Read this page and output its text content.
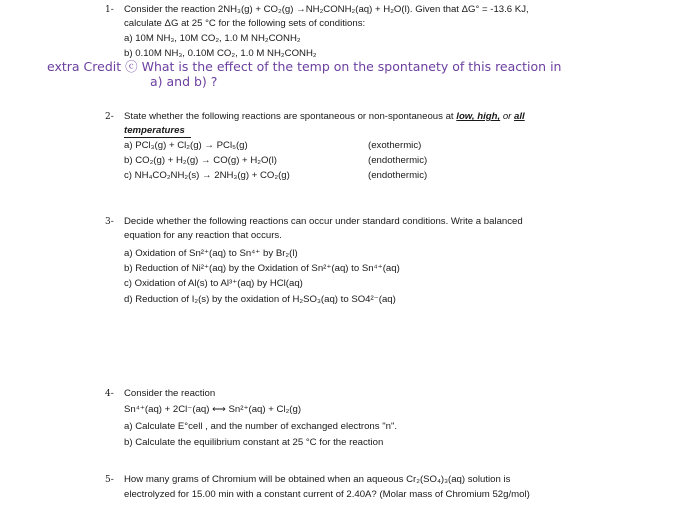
1- Consider the reaction 2NH₃(g) + CO₂(g) →NH₂CONH₂(aq) + H₂O(l). Given that ΔG° = -13.6 KJ,
calculate ΔG at 25 °C for the following sets of conditions:
a) 10M NH₃, 10M CO₂, 1.0 M NH₂CONH₂
b) 0.10M NH₃, 0.10M CO₂, 1.0 M NH₂CONH₂
extra Credit ⓒ What is the effect of the temp on the spontanety of this reaction in
a) and b) ?
2- State whether the following reactions are spontaneous or non-spontaneous at low, high, or all
temperatures
a) PCl₃(g) + Cl₂(g) → PCl₅(g)	(exothermic)
b) CO₂(g) + H₂(g) → CO(g) + H₂O(l)	(endothermic)
c) NH₄CO₂NH₂(s) → 2NH₃(g) + CO₂(g)	(endothermic)
3- Decide whether the following reactions can occur under standard conditions. Write a balanced
equation for any reaction that occurs.
a) Oxidation of Sn²⁺(aq) to Sn⁴⁺ by Br₂(l)
b) Reduction of Ni²⁺(aq) by the Oxidation of Sn²⁺(aq) to Sn⁴⁺(aq)
c) Oxidation of Al(s) to Al³⁺(aq) by HCl(aq)
d) Reduction of I₂(s) by the oxidation of H₂SO₃(aq) to SO4²⁻(aq)
4- Consider the reaction
Sn⁴⁺(aq) + 2Cl⁻(aq) ⟷ Sn²⁺(aq) + Cl₂(g)
a) Calculate E°cell , and the number of exchanged electrons "n".
b) Calculate the equilibrium constant at 25 °C for the reaction
5- How many grams of Chromium will be obtained when an aqueous Cr₂(SO₄)₃(aq) solution is
electrolyzed for 15.00 min with a constant current of 2.40A? (Molar mass of Chromium 52g/mol)
